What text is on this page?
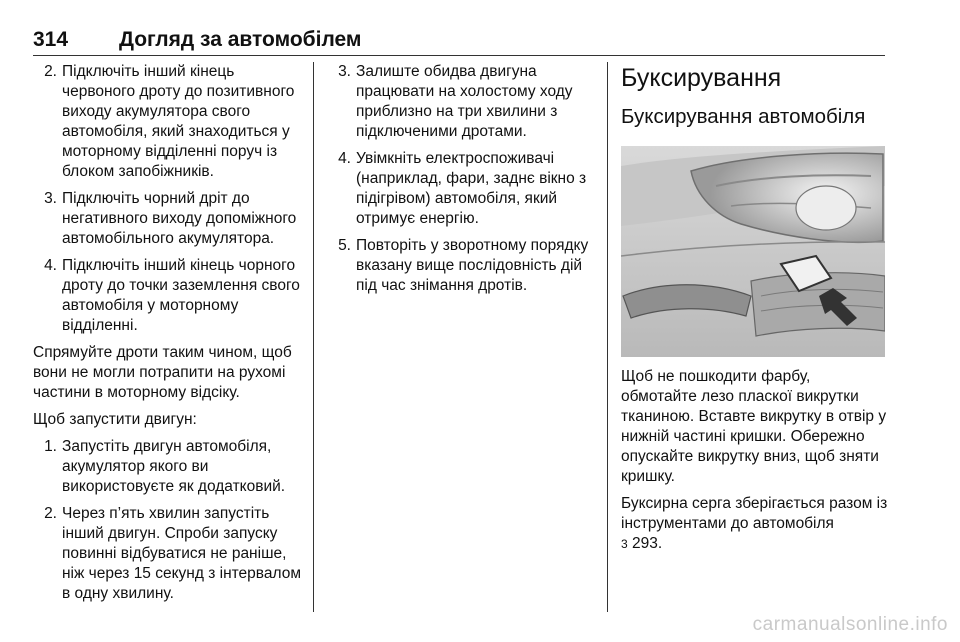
314 Догляд за автомобілем
2. Підключіть інший кінець червоного дроту до позитивного виходу акумулятора свого автомобіля, який знаходиться у моторному відділенні поруч із блоком запобіжників.
3. Підключіть чорний дріт до негативного виходу допоміжного автомобільного акумулятора.
4. Підключіть інший кінець чорного дроту до точки заземлення свого автомобіля у моторному відділенні.

Спрямуйте дроти таким чином, щоб вони не могли потрапити на рухомі частини в моторному відсіку.

Щоб запустити двигун:

1. Запустіть двигун автомобіля, акумулятор якого ви використовуєте як додатковий.
2. Через п’ять хвилин запустіть інший двигун. Спроби запуску повинні відбуватися не раніше, ніж через 15 секунд з інтервалом в одну хвилину.
3. Залиште обидва двигуна працювати на холостому ходу приблизно на три хвилини з підключеними дротами.
4. Увімкніть електроспоживачі (наприклад, фари, заднє вікно з підігрівом) автомобіля, який отримує енергію.
5. Повторіть у зворотному порядку вказану вище послідовність дій під час знімання дротів.
Буксирування
Буксирування автомобіля

Щоб не пошкодити фарбу, обмотайте лезо пласкої викрутки тканиною. Вставте викрутку в отвір у нижній частині кришки. Обережно опускайте викрутку вниз, щоб зняти кришку.

Буксирна серга зберігається разом із інструментами до автомобіля

3 293.
carmanualsonline.info
